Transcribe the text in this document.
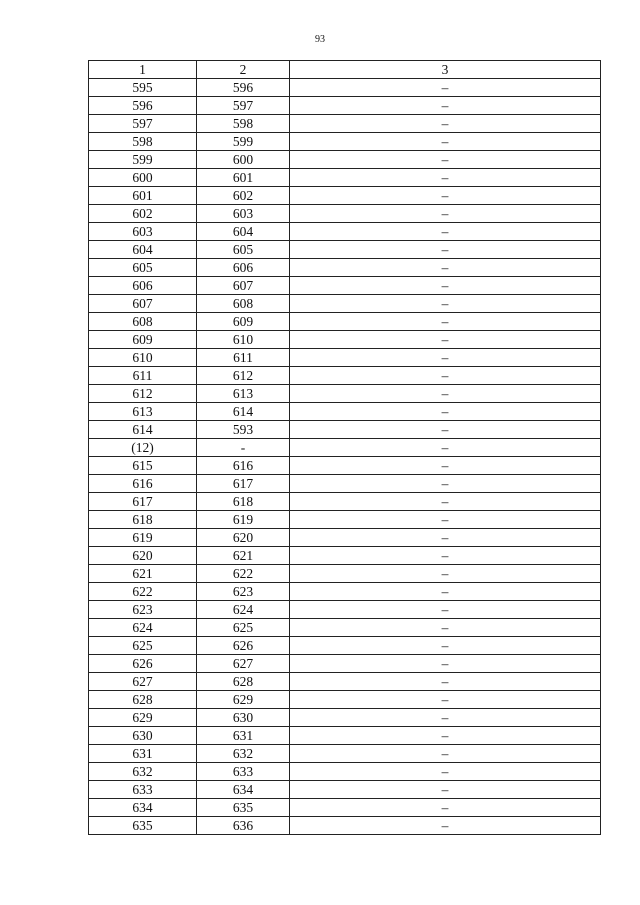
93
1	2	3
595	596	–
596	597	–
597	598	–
598	599	–
599	600	–
600	601	–
601	602	–
602	603	–
603	604	–
604	605	–
605	606	–
606	607	–
607	608	–
608	609	–
609	610	–
610	611	–
611	612	–
612	613	–
613	614	–
614	593	–
(12)	-	–
615	616	–
616	617	–
617	618	–
618	619	–
619	620	–
620	621	–
621	622	–
622	623	–
623	624	–
624	625	–
625	626	–
626	627	–
627	628	–
628	629	–
629	630	–
630	631	–
631	632	–
632	633	–
633	634	–
634	635	–
635	636	–
